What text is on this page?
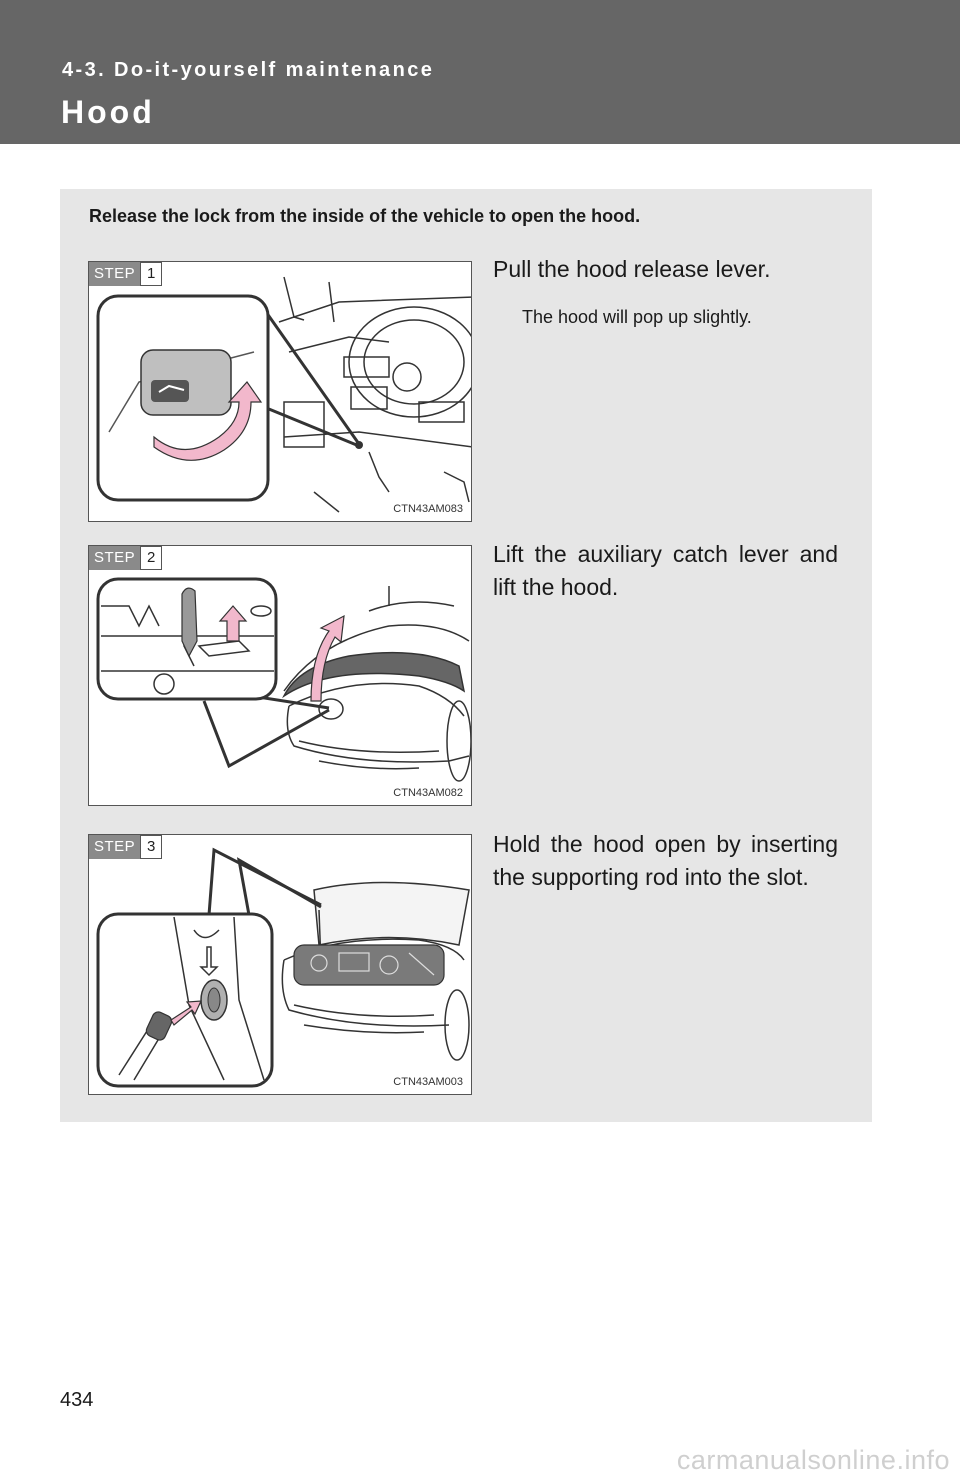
4-3. Do-it-yourself maintenance
Hood
Release the lock from the inside of the vehicle to open the hood.
STEP 1
CTN43AM083
Pull the hood release lever.
The hood will pop up slightly.
STEP 2
CTN43AM082
Lift the auxiliary catch lever and lift the hood.
STEP 3
CTN43AM003
Hold the hood open by inserting the supporting rod into the slot.
434
carmanualsonline.info
